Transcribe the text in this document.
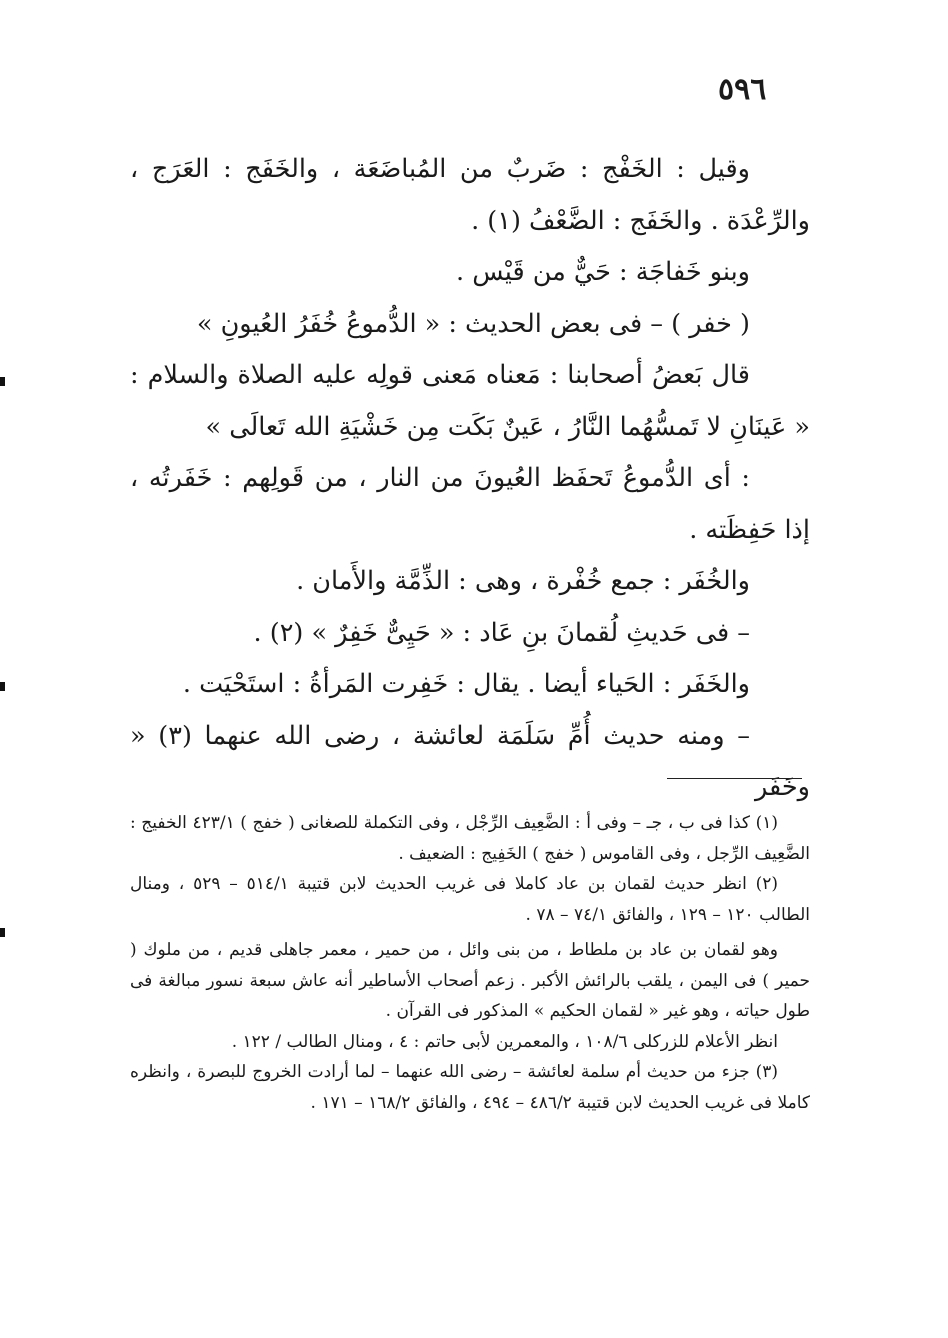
٥٩٦

وقيل : الخَفْج : ضَربٌ من المُباضَعَة ، والخَفَج : العَرَج ، والرِّعْدَة . والخَفَج : الضَّعْفُ (١) .

وبنو خَفاجَة : حَيٌّ من قَيْس .

( خفر ) – فى بعض الحديث : « الدُّموعُ خُفَرُ العُيونِ »

قال بَعضُ أصحابنا : مَعناه مَعنى قولِه عليه الصلاة والسلام : « عَينَانِ لا تَمسُّهُما النَّارُ ، عَينٌ بَكَت مِن خَشْيَةِ الله تَعالَى »

: أى الدُّموعُ تَحفَظ العُيونَ من النار ، من قَولِهم : خَفَرتُه ، إذا حَفِظَته .

والخُفَر : جمع خُفْرة ، وهى : الذِّمَّة والأَمان .

– فى حَديثِ لُقمانَ بنِ عَاد : « حَيِىٌّ خَفِرٌ » (٢) .

والخَفَر : الحَياء أيضا . يقال : خَفِرت المَرأةُ : استَحْيَت .

– ومنه حديث أُمِّ سَلَمَة لعائشة ، رضى الله عنهما (٣) « وخَفَر

(١) كذا فى ب ، جـ – وفى أ : الضَّعِيف الرِّجْل ، وفى التكملة للصغانى ( خفج ) ٤٢٣/١ الخفيج : الضَّعِيف الرِّجل ، وفى القاموس ( خفج ) الخَفِيج : الضعيف .

(٢) انظر حديث لقمان بن عاد كاملا فى غريب الحديث لابن قتيبة ٥١٤/١ – ٥٢٩ ، ومنال الطالب ١٢٠ – ١٢٩ ، والفائق ٧٤/١ – ٧٨ .

وهو لقمان بن عاد بن ملطاط ، من بنى وائل ، من حمير ، معمر جاهلى قديم ، من ملوك ( حمير ) فى اليمن ، يلقب بالرائش الأكبر . زعم أصحاب الأساطير أنه عاش سبعة نسور مبالغة فى طول حياته ، وهو غير « لقمان الحكيم » المذكور فى القرآن .

انظر الأعلام للزركلى ١٠٨/٦ ، والمعمرين لأبى حاتم : ٤ ، ومنال الطالب / ١٢٢ .

(٣) جزء من حديث أم سلمة لعائشة – رضى الله عنهما – لما أرادت الخروج للبصرة ، وانظره كاملا فى غريب الحديث لابن قتيبة ٤٨٦/٢ – ٤٩٤ ، والفائق ١٦٨/٢ – ١٧١ .
